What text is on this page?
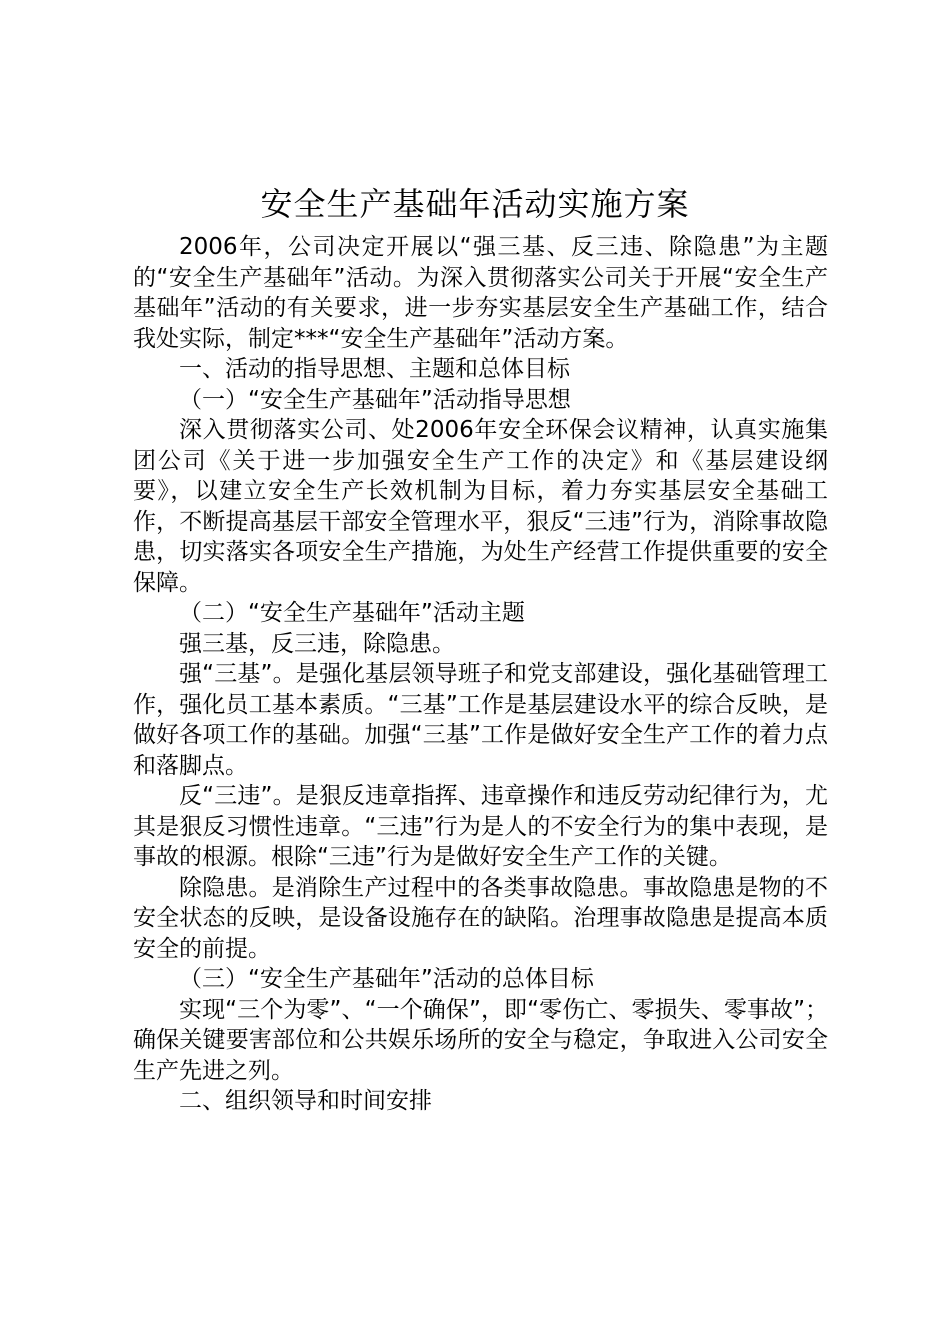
安全生产基础年活动实施方案

2006年，公司决定开展以“强三基、反三违、除隐患”为主题的“安全生产基础年”活动。为深入贯彻落实公司关于开展“安全生产基础年”活动的有关要求，进一步夯实基层安全生产基础工作，结合我处实际，制定***“安全生产基础年”活动方案。

一、活动的指导思想、主题和总体目标

（一）“安全生产基础年”活动指导思想

深入贯彻落实公司、处2006年安全环保会议精神，认真实施集团公司《关于进一步加强安全生产工作的决定》和《基层建设纲要》，以建立安全生产长效机制为目标，着力夯实基层安全基础工作，不断提高基层干部安全管理水平，狠反“三违”行为，消除事故隐患，切实落实各项安全生产措施，为处生产经营工作提供重要的安全保障。

（二）“安全生产基础年”活动主题

强三基，反三违，除隐患。

强“三基”。是强化基层领导班子和党支部建设，强化基础管理工作，强化员工基本素质。“三基”工作是基层建设水平的综合反映，是做好各项工作的基础。加强“三基”工作是做好安全生产工作的着力点和落脚点。

反“三违”。是狠反违章指挥、违章操作和违反劳动纪律行为，尤其是狠反习惯性违章。“三违”行为是人的不安全行为的集中表现，是事故的根源。根除“三违”行为是做好安全生产工作的关键。

除隐患。是消除生产过程中的各类事故隐患。事故隐患是物的不安全状态的反映，是设备设施存在的缺陷。治理事故隐患是提高本质安全的前提。

（三）“安全生产基础年”活动的总体目标

实现“三个为零”、“一个确保”，即“零伤亡、零损失、零事故”；确保关键要害部位和公共娱乐场所的安全与稳定，争取进入公司安全生产先进之列。

二、组织领导和时间安排
